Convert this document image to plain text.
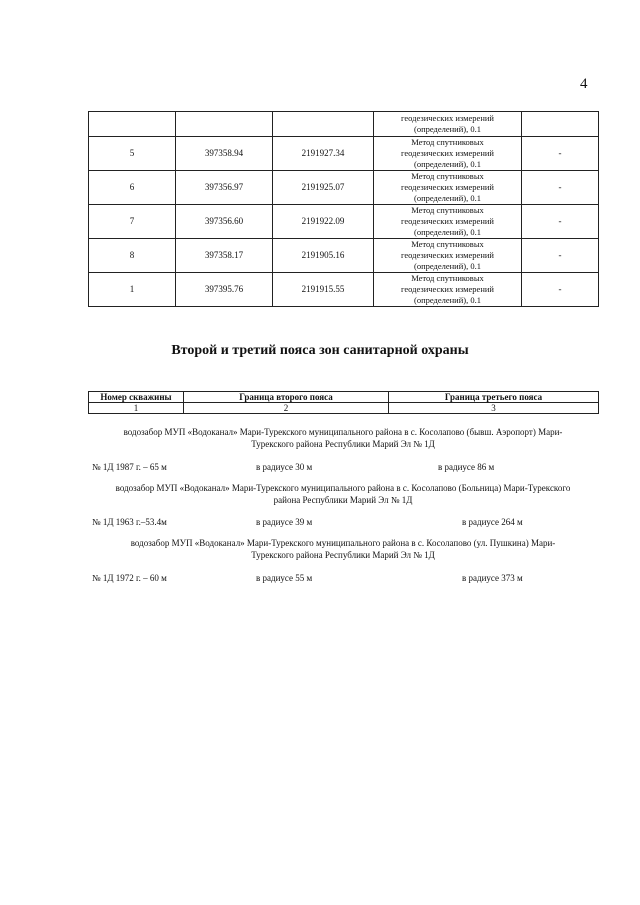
4

			геодезических измерений
(определений), 0.1	

5	397358.94	2191927.34	Метод спутниковых
геодезических измерений
(определений), 0.1	-
6	397356.97	2191925.07	Метод спутниковых
геодезических измерений
(определений), 0.1	-
7	397356.60	2191922.09	Метод спутниковых
геодезических измерений
(определений), 0.1	-
8	397358.17	2191905.16	Метод спутниковых
геодезических измерений
(определений), 0.1	-
1	397395.76	2191915.55	Метод спутниковых
геодезических измерений
(определений), 0.1	-
Второй и третий пояса зон санитарной охраны
Номер скважины	Граница второго пояса	Граница третьего пояса
1	2	3
водозабор МУП «Водоканал» Мари-Турекского муниципального района в с. Косолапово (бывш. Аэропорт) Мари-
Турекского района Республики Марий Эл № 1Д
№ 1Д 1987 г. – 65 м	в радиусе 30 м	в радиусе 86 м
водозабор МУП «Водоканал» Мари-Турекского муниципального района в с. Косолапово (Больница) Мари-Турекского
района Республики Марий Эл № 1Д
№ 1Д 1963 г.–53.4м	в радиусе 39 м	в радиусе 264 м
водозабор МУП «Водоканал» Мари-Турекского муниципального района в с. Косолапово (ул. Пушкина) Мари-
Турекского района Республики Марий Эл № 1Д
№ 1Д 1972 г. – 60 м	в радиусе 55 м	в радиусе 373 м
